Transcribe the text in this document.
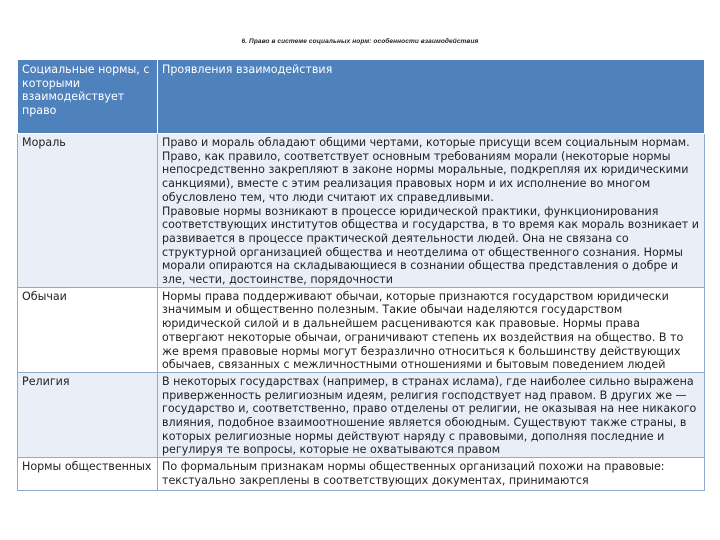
6. Право в системе социальных норм: особенности взаимодействия
Социальные нормы, с которыми взаимодействует право	Проявления взаимодействия
Мораль	Право и мораль обладают общими чертами, которые присущи всем социальным нормам. Право, как правило, соответствует основным требованиям морали (некоторые нормы непосредственно закрепляют в законе нормы моральные, подкрепляя их юридическими санкциями), вместе с этим реализация правовых норм и их исполнение во многом обусловлено тем, что люди считают их справедливыми.
Правовые нормы возникают в процессе юридической практики, функционирования соответствующих институтов общества и государства, в то время как мораль возникает и развивается в процессе практической деятельности людей. Она не связана со структурной организацией общества и неотделима от общественного сознания. Нормы морали опираются на складывающиеся в сознании общества представления о добре и зле, чести, достоинстве, порядочности

Обычаи	Нормы права поддерживают обычаи, которые признаются государством юридически значимым и общественно полезным. Такие обычаи наделяются государством юридической силой и в дальнейшем расцениваются как правовые. Нормы права отвергают некоторые обычаи, ограничивают степень их воздействия на общество. В то же время правовые нормы могут безразлично относиться к большинству действующих обычаев, связанных с межличностными отношениями и бытовым поведением людей

Религия	В некоторых государствах (например, в странах ислама), где наиболее сильно выражена приверженность религиозным идеям, религия господствует над правом. В других же — государство и, соответственно, право отделены от религии, не оказывая на нее никакого влияния, подобное взаимоотношение является обоюдным. Существуют также страны, в которых религиозные нормы действуют наряду с правовыми, дополняя последние и регулируя те вопросы, которые не охватываются правом

Нормы общественных	По формальным признакам нормы общественных организаций похожи на правовые: текстуально закреплены в соответствующих документах, принимаются
